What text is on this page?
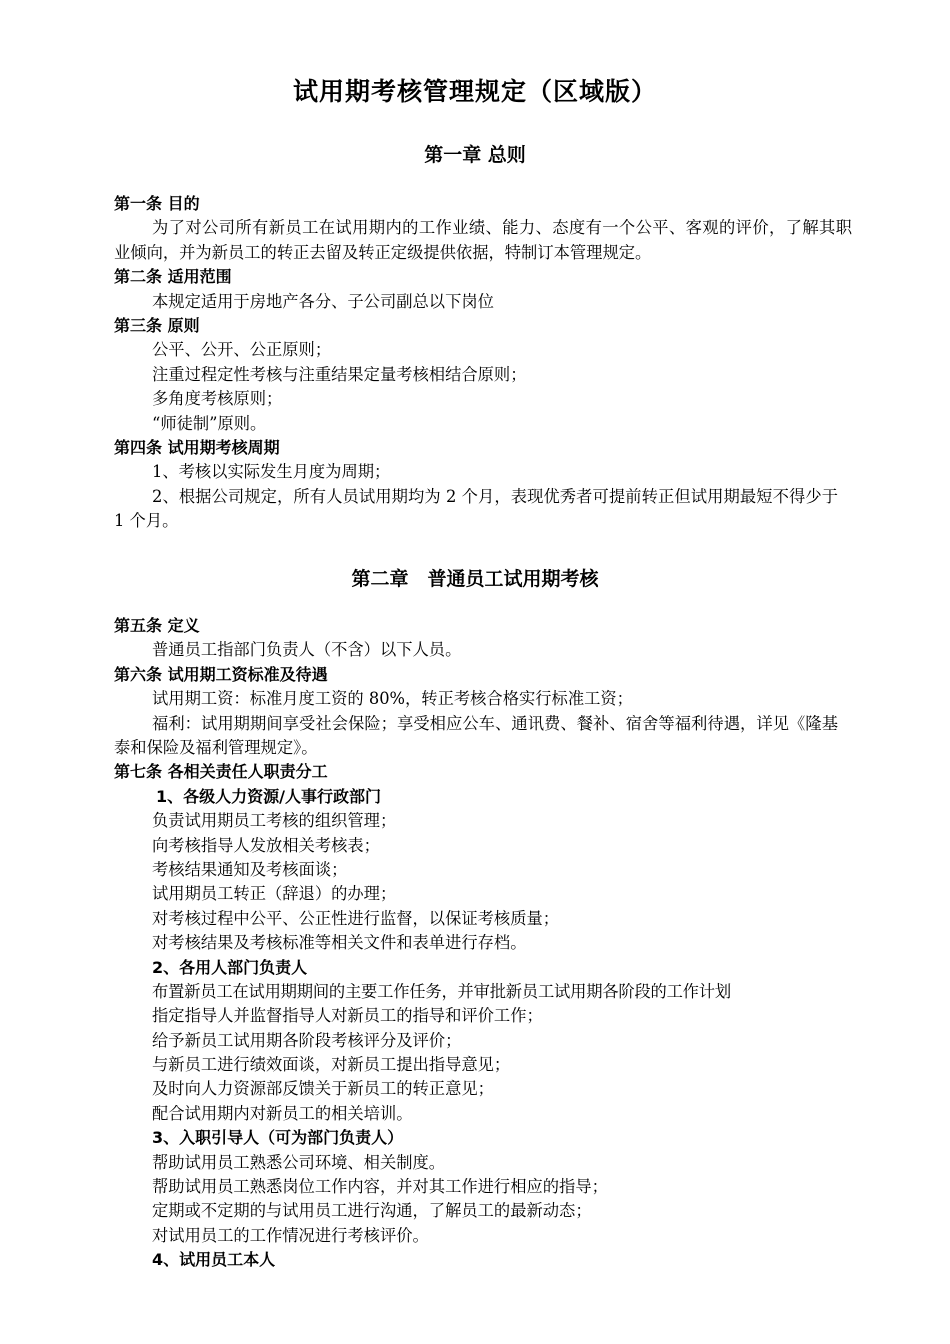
试用期考核管理规定（区域版）
第一章 总则
第一条 目的
为了对公司所有新员工在试用期内的工作业绩、能力、态度有一个公平、客观的评价，了解其职业倾向，并为新员工的转正去留及转正定级提供依据，特制订本管理规定。
第二条 适用范围
本规定适用于房地产各分、子公司副总以下岗位
第三条 原则
公平、公开、公正原则；
注重过程定性考核与注重结果定量考核相结合原则；
多角度考核原则；
“师徒制”原则。
第四条 试用期考核周期
1、考核以实际发生月度为周期；
2、根据公司规定，所有人员试用期均为 2 个月，表现优秀者可提前转正但试用期最短不得少于 1 个月。
第二章　普通员工试用期考核
第五条 定义
普通员工指部门负责人（不含）以下人员。
第六条 试用期工资标准及待遇
试用期工资：标准月度工资的 80%，转正考核合格实行标准工资；
福利：试用期期间享受社会保险；享受相应公车、通讯费、餐补、宿舍等福利待遇，详见《隆基泰和保险及福利管理规定》。
第七条 各相关责任人职责分工
1、各级人力资源/人事行政部门
负责试用期员工考核的组织管理；
向考核指导人发放相关考核表；
考核结果通知及考核面谈；
试用期员工转正（辞退）的办理；
对考核过程中公平、公正性进行监督，以保证考核质量；
对考核结果及考核标准等相关文件和表单进行存档。
2、各用人部门负责人
布置新员工在试用期期间的主要工作任务，并审批新员工试用期各阶段的工作计划
指定指导人并监督指导人对新员工的指导和评价工作；
给予新员工试用期各阶段考核评分及评价；
与新员工进行绩效面谈，对新员工提出指导意见；
及时向人力资源部反馈关于新员工的转正意见；
配合试用期内对新员工的相关培训。
3、入职引导人（可为部门负责人）
帮助试用员工熟悉公司环境、相关制度。
帮助试用员工熟悉岗位工作内容，并对其工作进行相应的指导；
定期或不定期的与试用员工进行沟通，了解员工的最新动态；
对试用员工的工作情况进行考核评价。
4、试用员工本人
